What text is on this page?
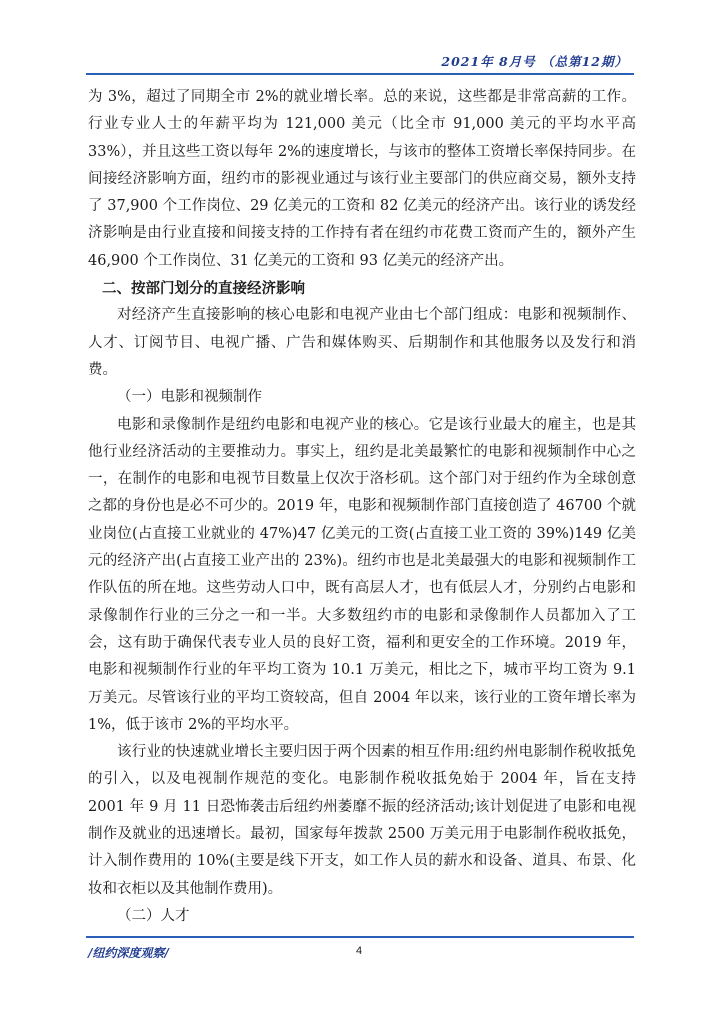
2021年 8月号 （总第12期）

为 3%，超过了同期全市 2%的就业增长率。总的来说，这些都是非常高薪的工作。行业专业人士的年薪平均为 121,000 美元（比全市 91,000 美元的平均水平高 33%），并且这些工资以每年 2%的速度增长，与该市的整体工资增长率保持同步。在间接经济影响方面，纽约市的影视业通过与该行业主要部门的供应商交易，额外支持了 37,900 个工作岗位、29 亿美元的工资和 82 亿美元的经济产出。该行业的诱发经济影响是由行业直接和间接支持的工作持有者在纽约市花费工资而产生的，额外产生 46,900 个工作岗位、31 亿美元的工资和 93 亿美元的经济产出。

二、按部门划分的直接经济影响

对经济产生直接影响的核心电影和电视产业由七个部门组成：电影和视频制作、人才、订阅节目、电视广播、广告和媒体购买、后期制作和其他服务以及发行和消费。

（一）电影和视频制作

电影和录像制作是纽约电影和电视产业的核心。它是该行业最大的雇主，也是其他行业经济活动的主要推动力。事实上，纽约是北美最繁忙的电影和视频制作中心之一，在制作的电影和电视节目数量上仅次于洛杉矶。这个部门对于纽约作为全球创意之都的身份也是必不可少的。2019 年，电影和视频制作部门直接创造了 46700 个就业岗位(占直接工业就业的 47%)47 亿美元的工资(占直接工业工资的 39%)149 亿美元的经济产出(占直接工业产出的 23%)。纽约市也是北美最强大的电影和视频制作工作队伍的所在地。这些劳动人口中，既有高层人才，也有低层人才，分别约占电影和录像制作行业的三分之一和一半。大多数纽约市的电影和录像制作人员都加入了工会，这有助于确保代表专业人员的良好工资，福利和更安全的工作环境。2019 年，电影和视频制作行业的年平均工资为 10.1 万美元，相比之下，城市平均工资为 9.1 万美元。尽管该行业的平均工资较高，但自 2004 年以来，该行业的工资年增长率为 1%，低于该市 2%的平均水平。

该行业的快速就业增长主要归因于两个因素的相互作用:纽约州电影制作税收抵免的引入，以及电视制作规范的变化。电影制作税收抵免始于 2004 年，旨在支持 2001 年 9 月 11 日恐怖袭击后纽约州萎靡不振的经济活动;该计划促进了电影和电视制作及就业的迅速增长。最初，国家每年拨款 2500 万美元用于电影制作税收抵免，计入制作费用的 10%(主要是线下开支，如工作人员的薪水和设备、道具、布景、化妆和衣柜以及其他制作费用)。

（二）人才

/纽约深度观察/	4
